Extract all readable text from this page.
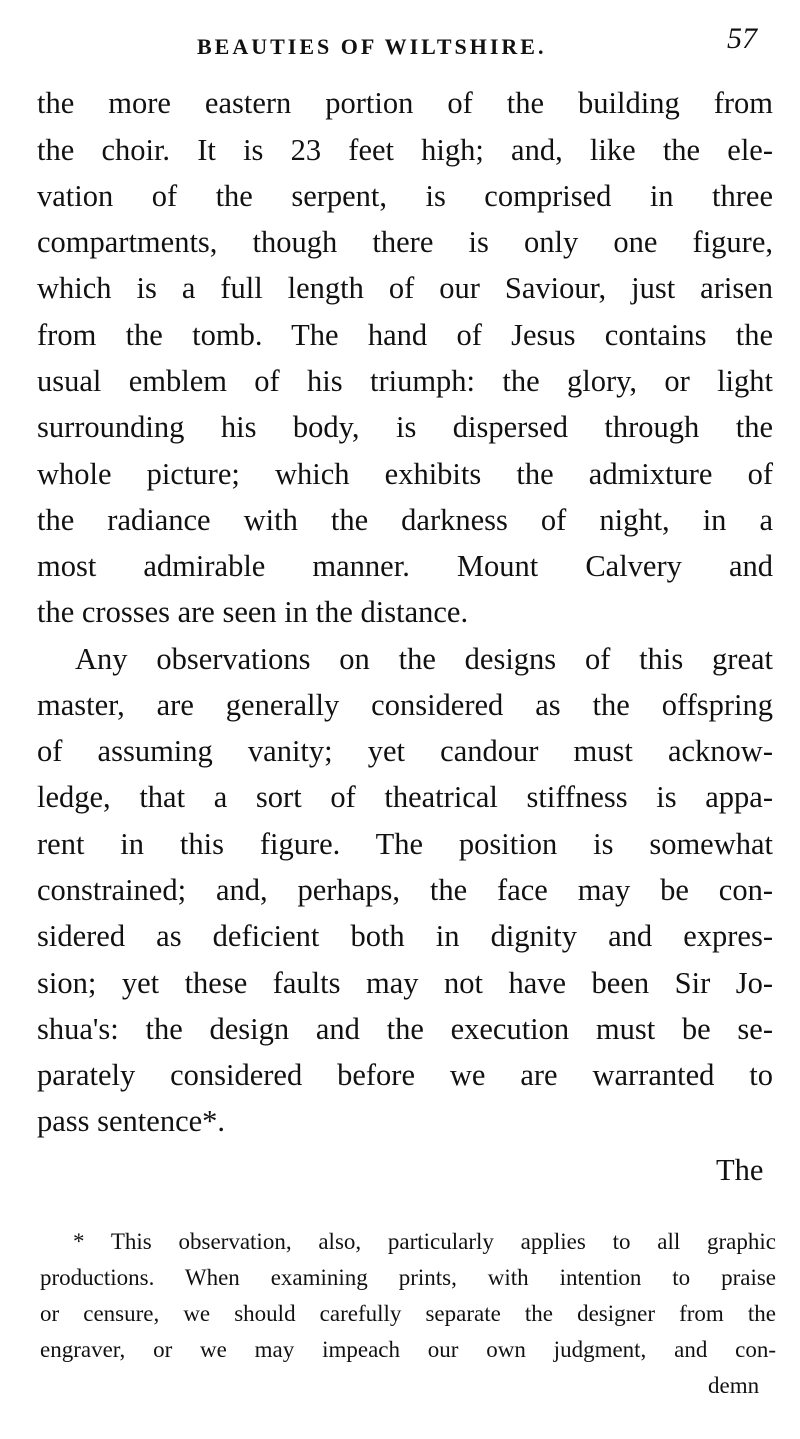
BEAUTIES OF WILTSHIRE.	57
the more eastern portion of the building from
the choir. It is 23 feet high; and, like the ele-
vation of the serpent, is comprised in three
compartments, though there is only one figure,
which is a full length of our Saviour, just arisen
from the tomb. The hand of Jesus contains the
usual emblem of his triumph: the glory, or light
surrounding his body, is dispersed through the
whole picture; which exhibits the admixture of
the radiance with the darkness of night, in a
most admirable manner. Mount Calvery and
the crosses are seen in the distance.
Any observations on the designs of this great
master, are generally considered as the offspring
of assuming vanity; yet candour must acknow-
ledge, that a sort of theatrical stiffness is appa-
rent in this figure. The position is somewhat
constrained; and, perhaps, the face may be con-
sidered as deficient both in dignity and expres-
sion; yet these faults may not have been Sir Jo-
shua's: the design and the execution must be se-
parately considered before we are warranted to
pass sentence*.
The
* This observation, also, particularly applies to all graphic
productions. When examining prints, with intention to praise
or censure, we should carefully separate the designer from the
engraver, or we may impeach our own judgment, and con-
demn
